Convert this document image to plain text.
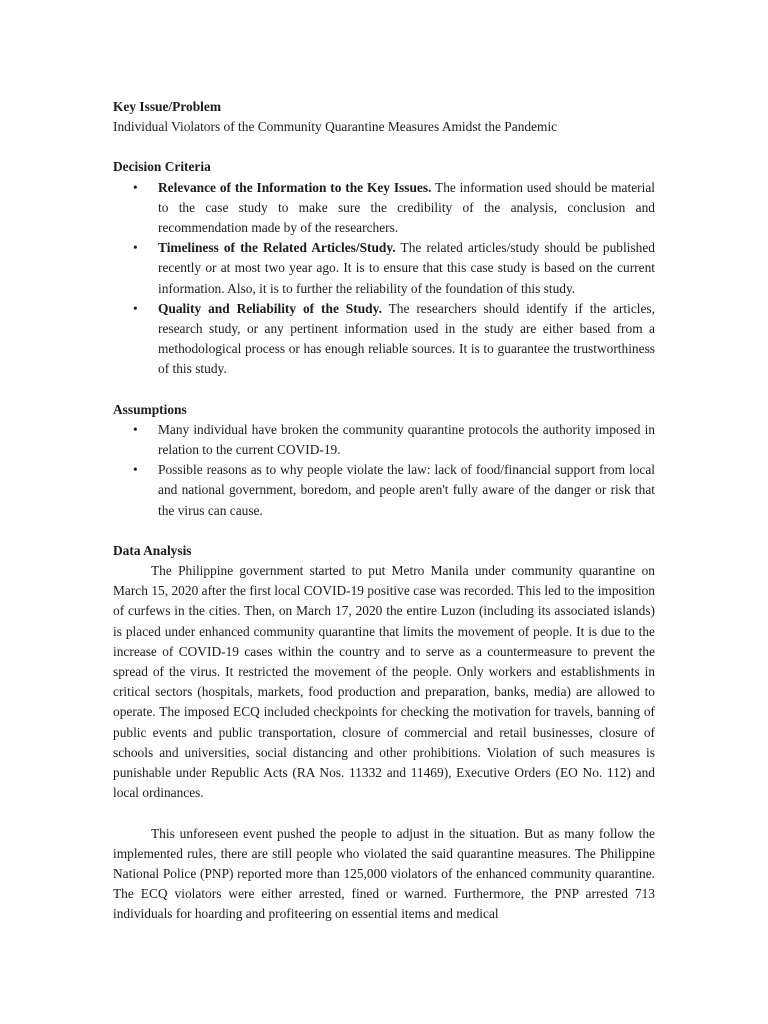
Key Issue/Problem

Individual Violators of the Community Quarantine Measures Amidst the Pandemic

Decision Criteria

• Relevance of the Information to the Key Issues. The information used should be material to the case study to make sure the credibility of the analysis, conclusion and recommendation made by of the researchers.
• Timeliness of the Related Articles/Study. The related articles/study should be published recently or at most two year ago. It is to ensure that this case study is based on the current information. Also, it is to further the reliability of the foundation of this study.
• Quality and Reliability of the Study. The researchers should identify if the articles, research study, or any pertinent information used in the study are either based from a methodological process or has enough reliable sources. It is to guarantee the trustworthiness of this study.

Assumptions

• Many individual have broken the community quarantine protocols the authority imposed in relation to the current COVID-19.
• Possible reasons as to why people violate the law: lack of food/financial support from local and national government, boredom, and people aren't fully aware of the danger or risk that the virus can cause.

Data Analysis

The Philippine government started to put Metro Manila under community quarantine on March 15, 2020 after the first local COVID-19 positive case was recorded. This led to the imposition of curfews in the cities. Then, on March 17, 2020 the entire Luzon (including its associated islands) is placed under enhanced community quarantine that limits the movement of people. It is due to the increase of COVID-19 cases within the country and to serve as a countermeasure to prevent the spread of the virus. It restricted the movement of the people. Only workers and establishments in critical sectors (hospitals, markets, food production and preparation, banks, media) are allowed to operate. The imposed ECQ included checkpoints for checking the motivation for travels, banning of public events and public transportation, closure of commercial and retail businesses, closure of schools and universities, social distancing and other prohibitions. Violation of such measures is punishable under Republic Acts (RA Nos. 11332 and 11469), Executive Orders (EO No. 112) and local ordinances.

This unforeseen event pushed the people to adjust in the situation. But as many follow the implemented rules, there are still people who violated the said quarantine measures. The Philippine National Police (PNP) reported more than 125,000 violators of the enhanced community quarantine. The ECQ violators were either arrested, fined or warned. Furthermore, the PNP arrested 713 individuals for hoarding and profiteering on essential items and medical
